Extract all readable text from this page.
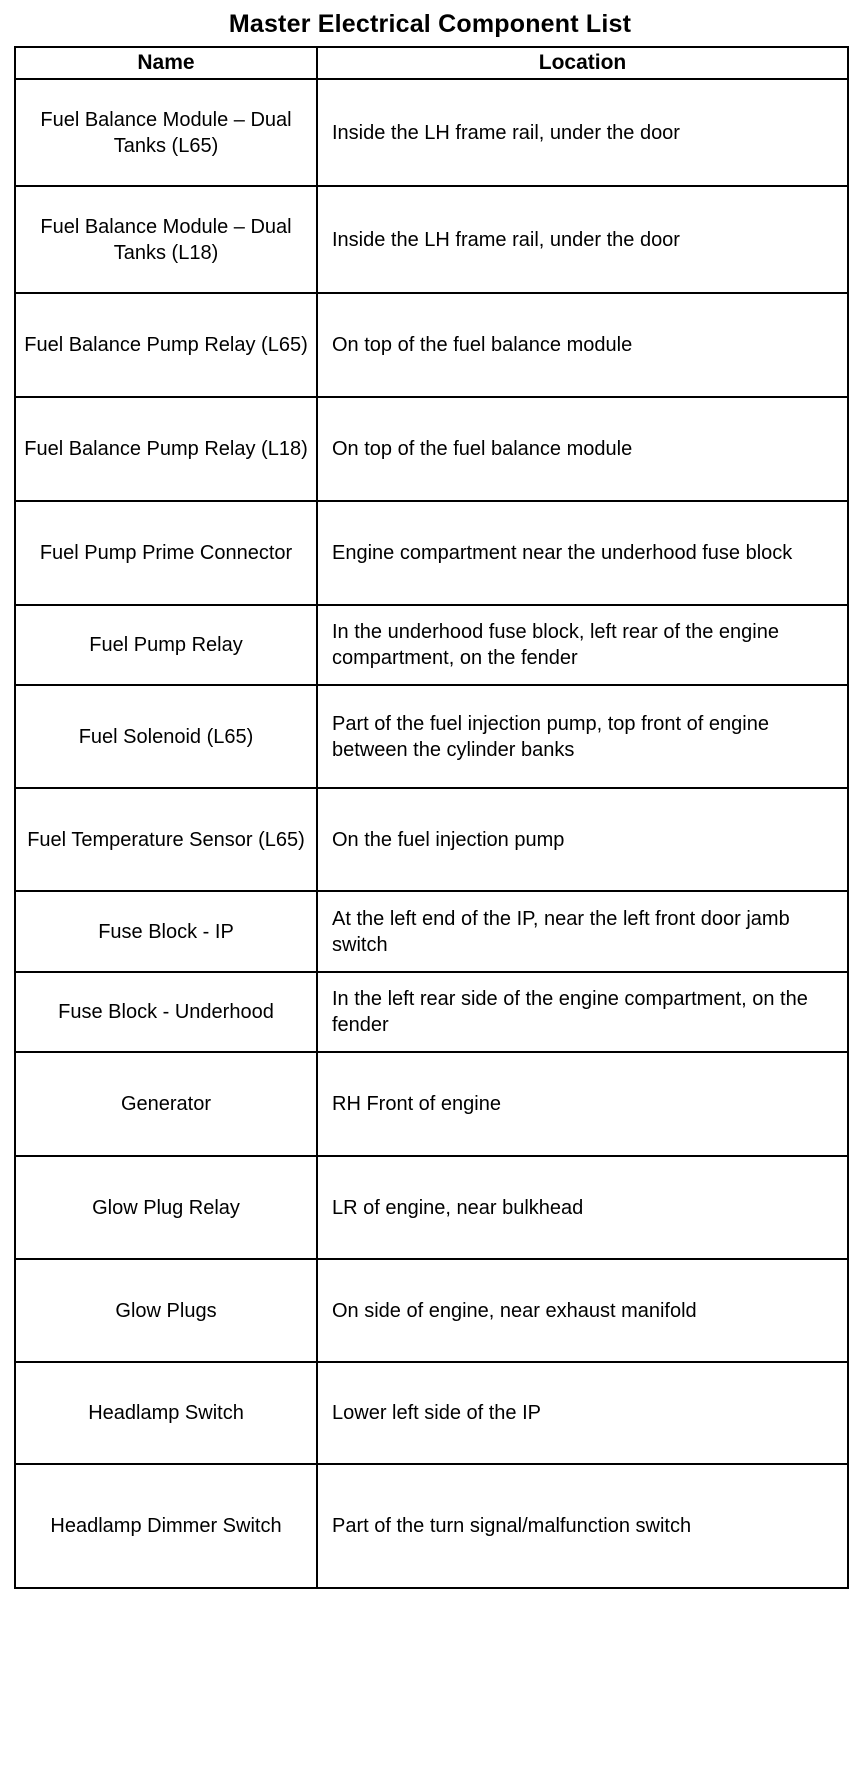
Master Electrical Component List
Name	Location
Fuel Balance Module – Dual Tanks (L65)	Inside the LH frame rail, under the door
Fuel Balance Module – Dual Tanks (L18)	Inside the LH frame rail, under the door
Fuel Balance Pump Relay (L65)	On top of the fuel balance module
Fuel Balance Pump Relay (L18)	On top of the fuel balance module
Fuel Pump Prime Connector	Engine compartment near the underhood fuse block
Fuel Pump Relay	In the underhood fuse block, left rear of the engine compartment, on the fender
Fuel Solenoid (L65)	Part of the fuel injection pump, top front of engine between the cylinder banks
Fuel Temperature Sensor (L65)	On the fuel injection pump
Fuse Block - IP	At the left end of the IP, near the left front door jamb switch
Fuse Block - Underhood	In the left rear side of the engine compartment, on the fender
Generator	RH Front of engine
Glow Plug Relay	LR of engine, near bulkhead
Glow Plugs	On side of engine, near exhaust manifold
Headlamp Switch	Lower left side of the IP
Headlamp Dimmer Switch	Part of the turn signal/malfunction switch
